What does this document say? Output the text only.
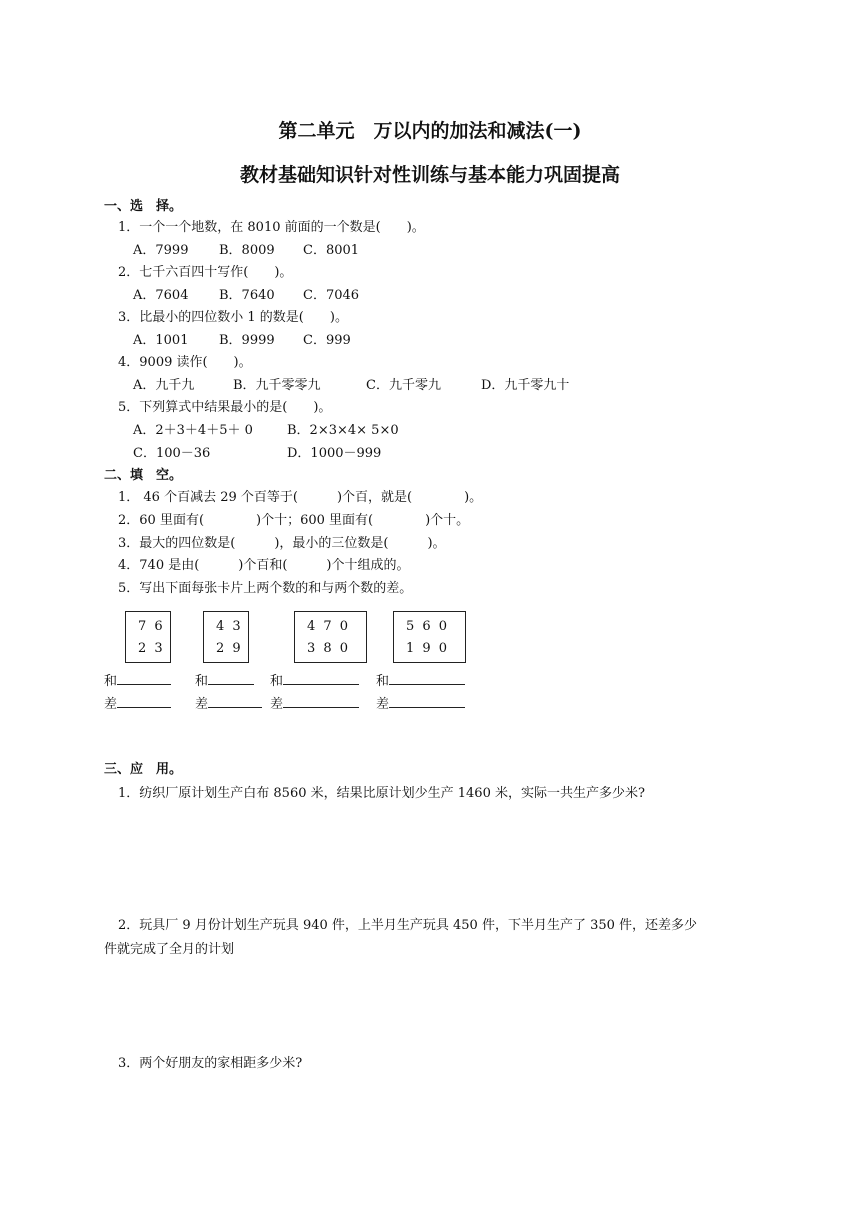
第二单元　万以内的加法和减法(一)
教材基础知识针对性训练与基本能力巩固提高
一、选　择。
1．一个一个地数，在 8010 前面的一个数是(　　)。
A．7999 B．8009 C．8001
2．七千六百四十写作(　　)。
A．7604 B．7640 C．7046
3．比最小的四位数小 1 的数是(　　)。
A．1001 B．9999 C．999
4．9009 读作(　　)。
A．九千九	B．九千零零九	C．九千零九	D．九千零九十
5．下列算式中结果最小的是(　　)。
A．2＋3＋4＋5＋ 0	B．2×3×4× 5×0
C．100－36	D．1000－999
二、填　空。
1． 46 个百减去 29 个百等于(　　　)个百，就是(　　　　)。
2．60 里面有(　　　　)个十；600 里面有(　　　　)个十。
3．最大的四位数是(　　　)，最小的三位数是(　　　)。
4．740 是由(　　　)个百和(　　　)个十组成的。
5．写出下面每张卡片上两个数的和与两个数的差。
7 6
2 3
4 3
2 9
4 7 0
3 8 0
5 6 0
1 9 0
和	和	和	和
差	差	差	差
三、应　用。
1．纺织厂原计划生产白布 8560 米，结果比原计划少生产 1460 米，实际一共生产多少米?
2．玩具厂 9 月份计划生产玩具 940 件，上半月生产玩具 450 件，下半月生产了 350 件，还差多少
件就完成了全月的计划
3．两个好朋友的家相距多少米?
